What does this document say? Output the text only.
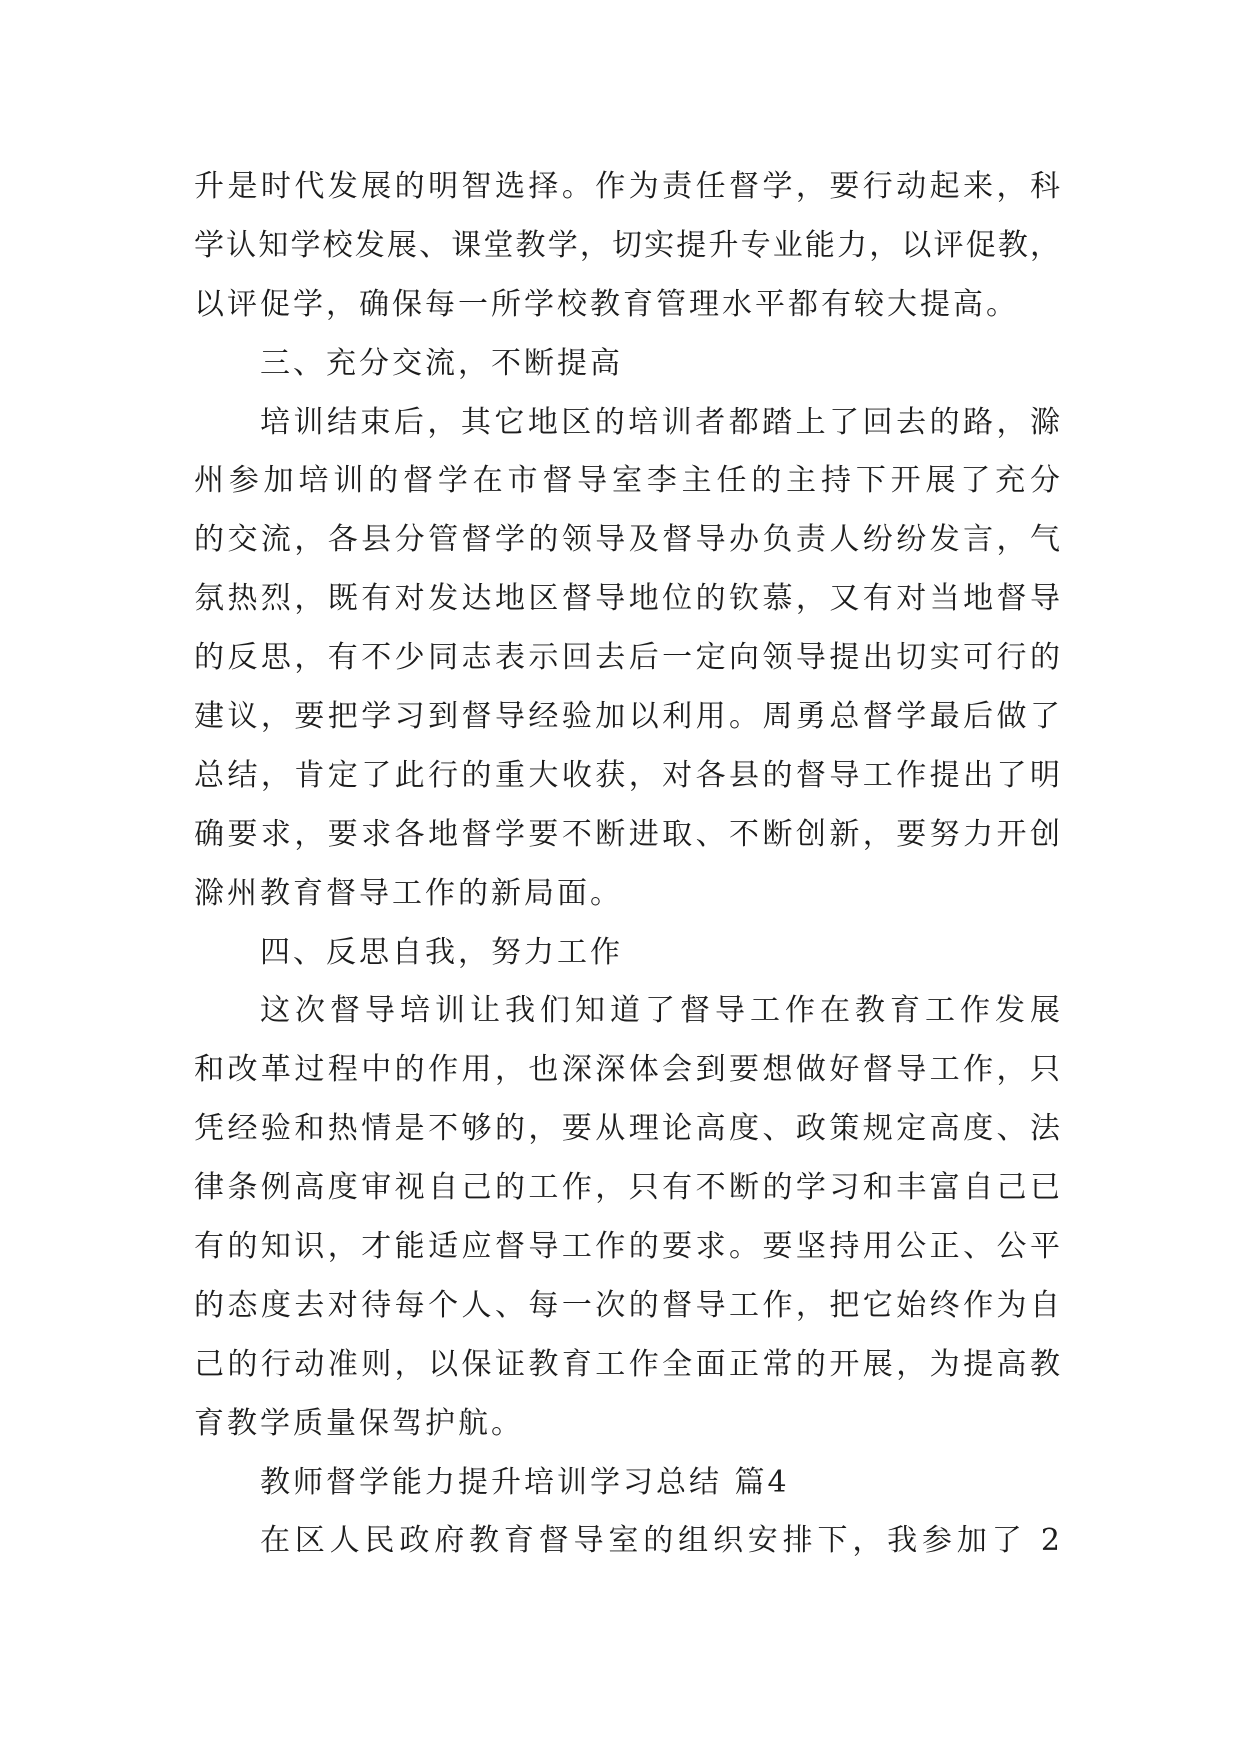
升是时代发展的明智选择。作为责任督学，要行动起来，科
学认知学校发展、课堂教学，切实提升专业能力，以评促教，
以评促学，确保每一所学校教育管理水平都有较大提高。
三、充分交流，不断提高
培训结束后，其它地区的培训者都踏上了回去的路，滁
州参加培训的督学在市督导室李主任的主持下开展了充分
的交流，各县分管督学的领导及督导办负责人纷纷发言，气
氛热烈，既有对发达地区督导地位的钦慕，又有对当地督导
的反思，有不少同志表示回去后一定向领导提出切实可行的
建议，要把学习到督导经验加以利用。周勇总督学最后做了
总结，肯定了此行的重大收获，对各县的督导工作提出了明
确要求，要求各地督学要不断进取、不断创新，要努力开创
滁州教育督导工作的新局面。
四、反思自我，努力工作
这次督导培训让我们知道了督导工作在教育工作发展
和改革过程中的作用，也深深体会到要想做好督导工作，只
凭经验和热情是不够的，要从理论高度、政策规定高度、法
律条例高度审视自己的工作，只有不断的学习和丰富自己已
有的知识，才能适应督导工作的要求。要坚持用公正、公平
的态度去对待每个人、每一次的督导工作，把它始终作为自
己的行动准则，以保证教育工作全面正常的开展，为提高教
育教学质量保驾护航。
教师督学能力提升培训学习总结 篇4
在区人民政府教育督导室的组织安排下，我参加了 2
